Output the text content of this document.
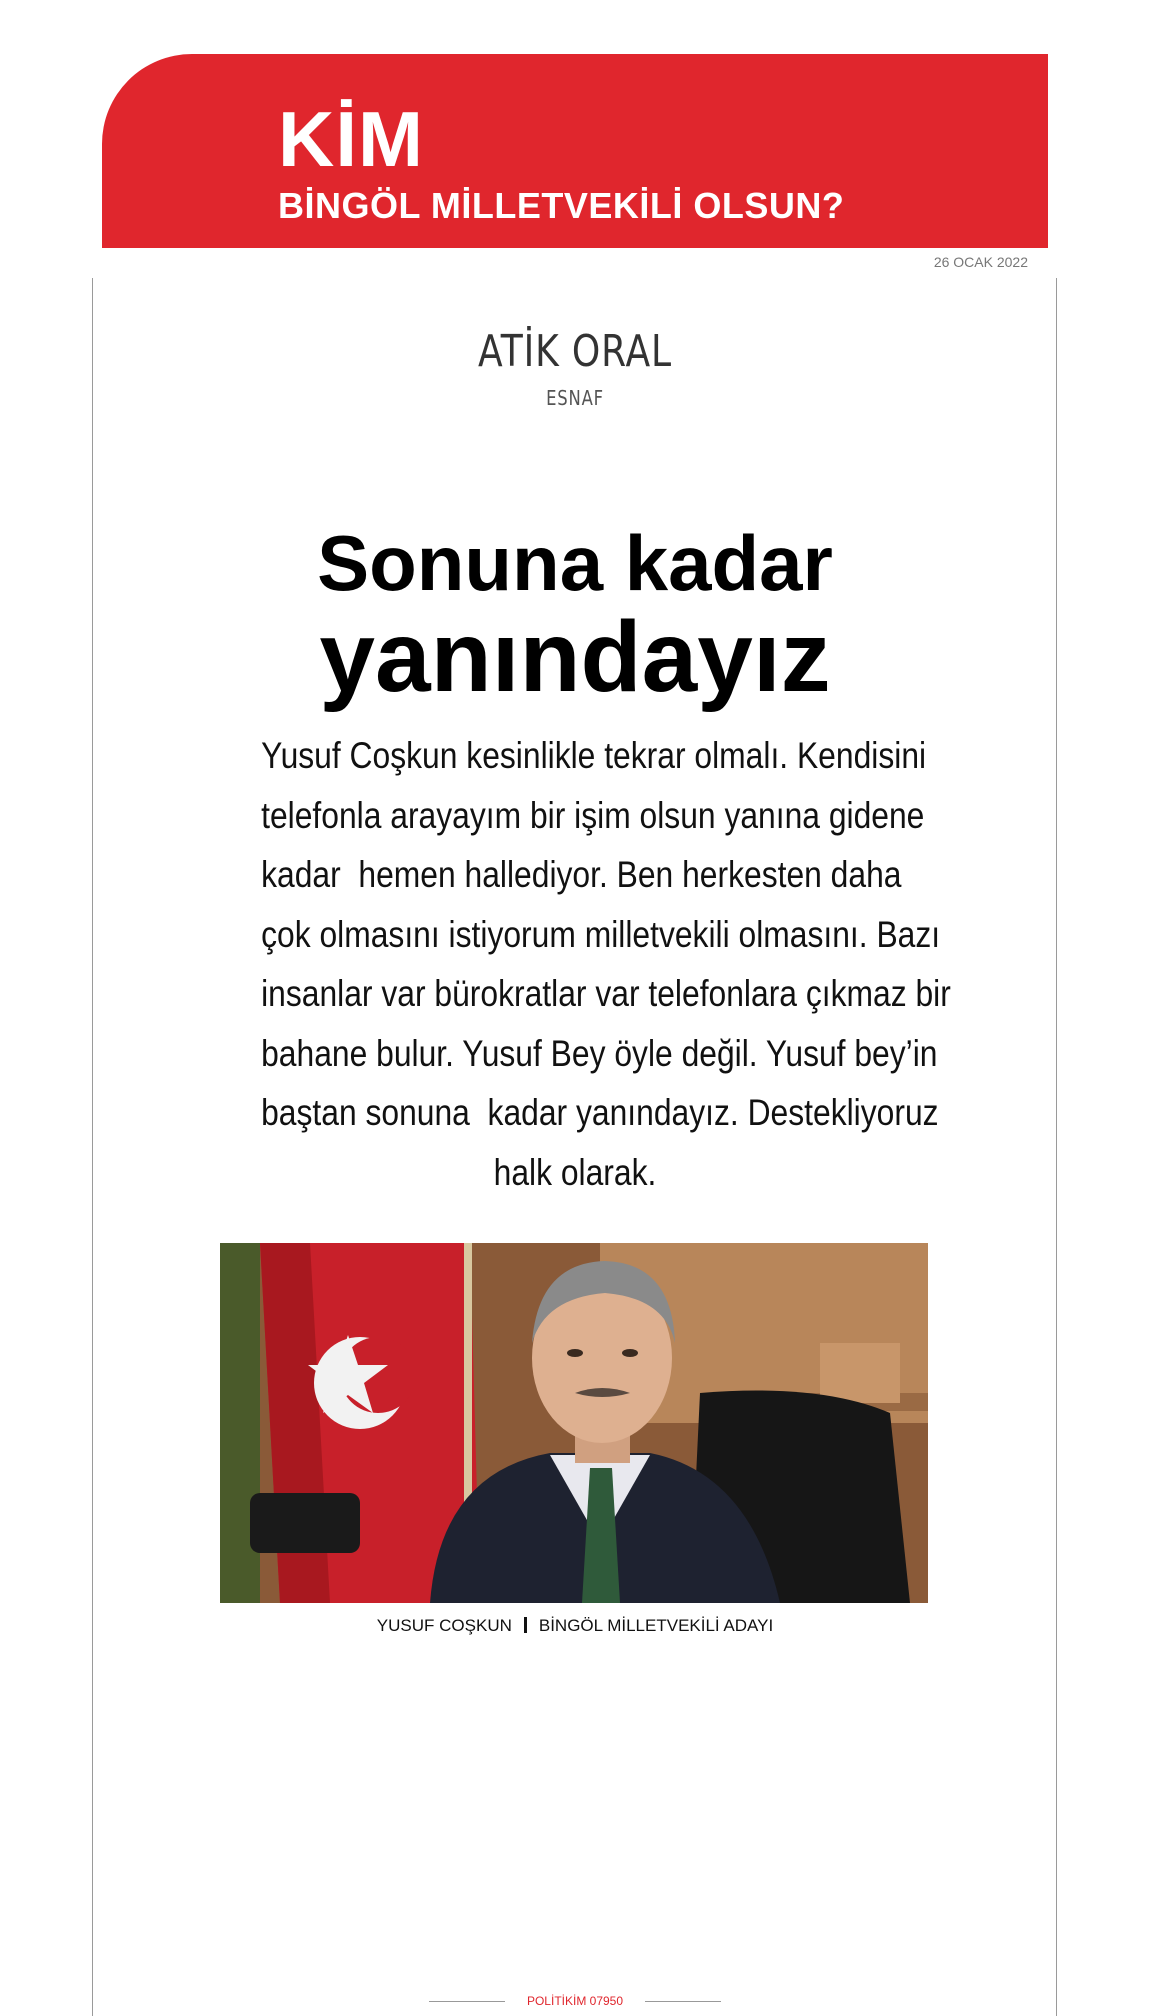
KİM
BİNGÖL MİLLETVEKİLİ OLSUN?
26 OCAK 2022
ATİK ORAL
ESNAF
Sonuna kadar
yanındayız
Yusuf Coşkun kesinlikle tekrar olmalı. Kendisini
telefonla arayayım bir işim olsun yanına gidene
kadar  hemen hallediyor. Ben herkesten daha
çok olmasını istiyorum milletvekili olmasını. Bazı
insanlar var bürokratlar var telefonlara çıkmaz bir
bahane bulur. Yusuf Bey öyle değil. Yusuf bey’in
baştan sonuna  kadar yanındayız. Destekliyoruz
halk olarak.
YUSUF COŞKUN BİNGÖL MİLLETVEKİLİ ADAYI
POLİTİKİM 07950
